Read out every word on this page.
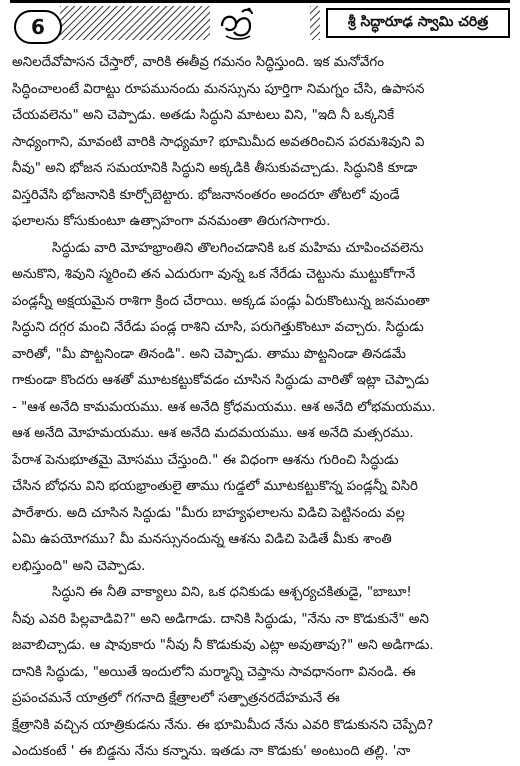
6	శ్రీ సిద్ధారూఢ స్వామి చరిత్ర
అనిలదేవోపాసన చేస్తారో, వారికి ఈతీవ్ర గమనం సిద్ధిస్తుంది. ఇక మనోవేగం
సిద్ధించాలంటే విరాట్టు రూపమునందు మనస్సును పూర్తిగా నిమగ్నం చేసి, ఉపాసన
చేయవలెను" అని చెప్పాడు. అతడు సిద్ధుని మాటలు విని, "ఇది నీ ఒక్కనికే
సాధ్యంగాని, మావంటి వారికి సాధ్యమా? భూమిమీద అవతరించిన పరమశివుని వి
నీవు" అని భోజన సమయానికి సిద్ధుని అక్కడికి తీసుకువచ్చాడు. సిద్ధునికి కూడా
విస్తరివేసి భోజనానికి కూర్చోబెట్టారు. భోజనానంతరం అందరూ తోటలో వుండే
ఫలాలను కోసుకుంటూ ఉత్సాహంగా వనమంతా తిరుగసాగారు.
సిద్ధుడు వారి మోహభ్రాంతిని తొలగించడానికి ఒక మహిమ చూపించవలెను
అనుకొని, శివుని స్మరించి తన ఎదురుగా వున్న ఒక నేరేడు చెట్టును ముట్టుకోగానే
పండ్లన్నీ అక్షయమైన రాశిగా క్రింద చేరాయి. అక్కడ పండ్లు ఏరుకొంటున్న జనమంతా
సిద్ధుని దగ్గర మంచి నేరేడు పండ్ల రాశిని చూసి, పరుగెత్తుకొంటూ వచ్చారు. సిద్ధుడు
వారితో, "మీ పొట్టనిండా తినండి". అని చెప్పాడు. తాము పొట్టనిండా తినడమే
గాకుండా కొందరు ఆశతో మూటకట్టుకోవడం చూసిన సిద్ధుడు వారితో ఇట్లా చెప్పాడు
- "ఆశ అనేది కామమయము. ఆశ అనేది క్రోధమయము. ఆశ అనేది లోభమయము.
ఆశ అనేది మోహమయము. ఆశ అనేది మదమయము. ఆశ అనేది మత్సరము.
పేరాశ పెనుభూతమై మోసము చేస్తుంది." ఈ విధంగా ఆశను గురించి సిద్ధుడు
చేసిన బోధను విని భయభ్రాంతులై తాము గుడ్డలో మూటకట్టుకొన్న పండ్లన్నీ విసిరి
పారేశారు. అది చూసిన సిద్ధుడు "మీరు బాహ్యఫలాలను విడిచి పెట్టినందు వల్ల
ఏమి ఉపయోగము? మీ మనస్సునందున్న ఆశను విడిచి పెడితే మీకు శాంతి
లభిస్తుంది" అని చెప్పాడు.
సిద్ధుని ఈ నీతి వాక్యాలు విని, ఒక ధనికుడు ఆశ్చర్యచకితుడై, "బాబూ!
నీవు ఎవరి పిల్లవాడివి?" అని అడిగాడు. దానికి సిద్ధుడు, "నేను నా కొడుకునే" అని
జవాబిచ్చాడు. ఆ షావుకారు "నీవు నీ కొడుకువు ఎట్లా అవుతావు?" అని అడిగాడు.
దానికి సిద్ధుడు, "అయితే ఇందులోని మర్మాన్ని చెప్తాను సావధానంగా వినండి. ఈ
ప్రపంచమనే యాత్రలో గగనాది క్షేత్రాలలో సత్పాత్రనరదేహమనే ఈ
క్షేత్రానికి వచ్చిన యాత్రికుడను నేను. ఈ భూమిమీద నేను ఎవరి కొడుకునని చెప్పేది?
ఎందుకంటే ' ఈ బిడ్డను నేను కన్నాను. ఇతడు నా కొడుకు' అంటుంది తల్లి. 'నా
